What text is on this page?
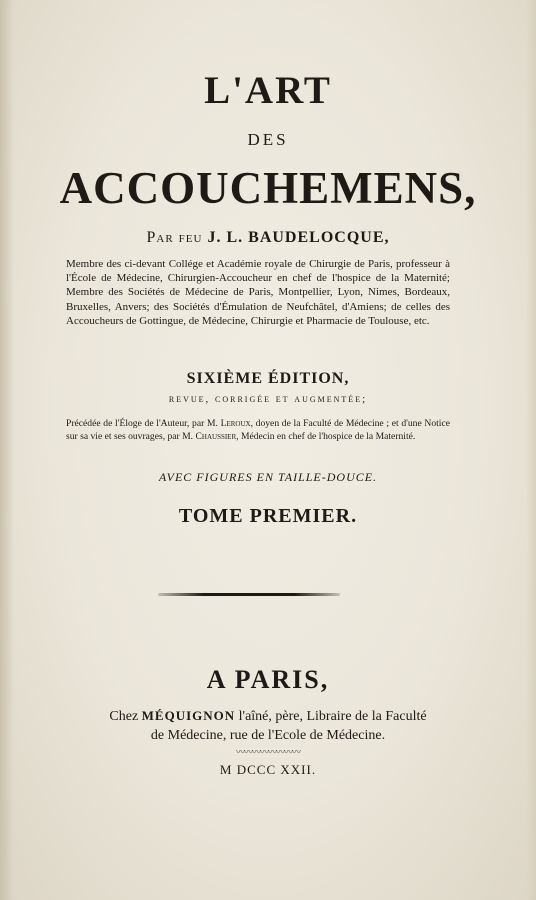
L'ART
DES
ACCOUCHEMENS,
Par feu J. L. BAUDELOCQUE,
Membre des ci-devant Collége et Académie royale de Chirurgie de Paris, professeur à l'École de Médecine, Chirurgien-Accoucheur en chef de l'hospice de la Maternité; Membre des Sociétés de Médecine de Paris, Montpellier, Lyon, Nimes, Bordeaux, Bruxelles, Anvers; des Sociétés d'Émulation de Neufchâtel, d'Amiens; de celles des Accoucheurs de Gottingue, de Médecine, Chirurgie et Pharmacie de Toulouse, etc.
SIXIÈME ÉDITION,
revue, corrigée et augmentée;
Précédée de l'Éloge de l'Auteur, par M. Leroux, doyen de la Faculté de Médecine ; et d'une Notice sur sa vie et ses ouvrages, par M. Chaussier, Médecin en chef de l'hospice de la Maternité.
AVEC FIGURES EN TAILLE-DOUCE.
TOME PREMIER.
A PARIS,
Chez MÉQUIGNON l'aîné, père, Libraire de la Faculté
de Médecine, rue de l'Ecole de Médecine.
〰〰〰〰〰〰〰〰
M DCCC XXII.
